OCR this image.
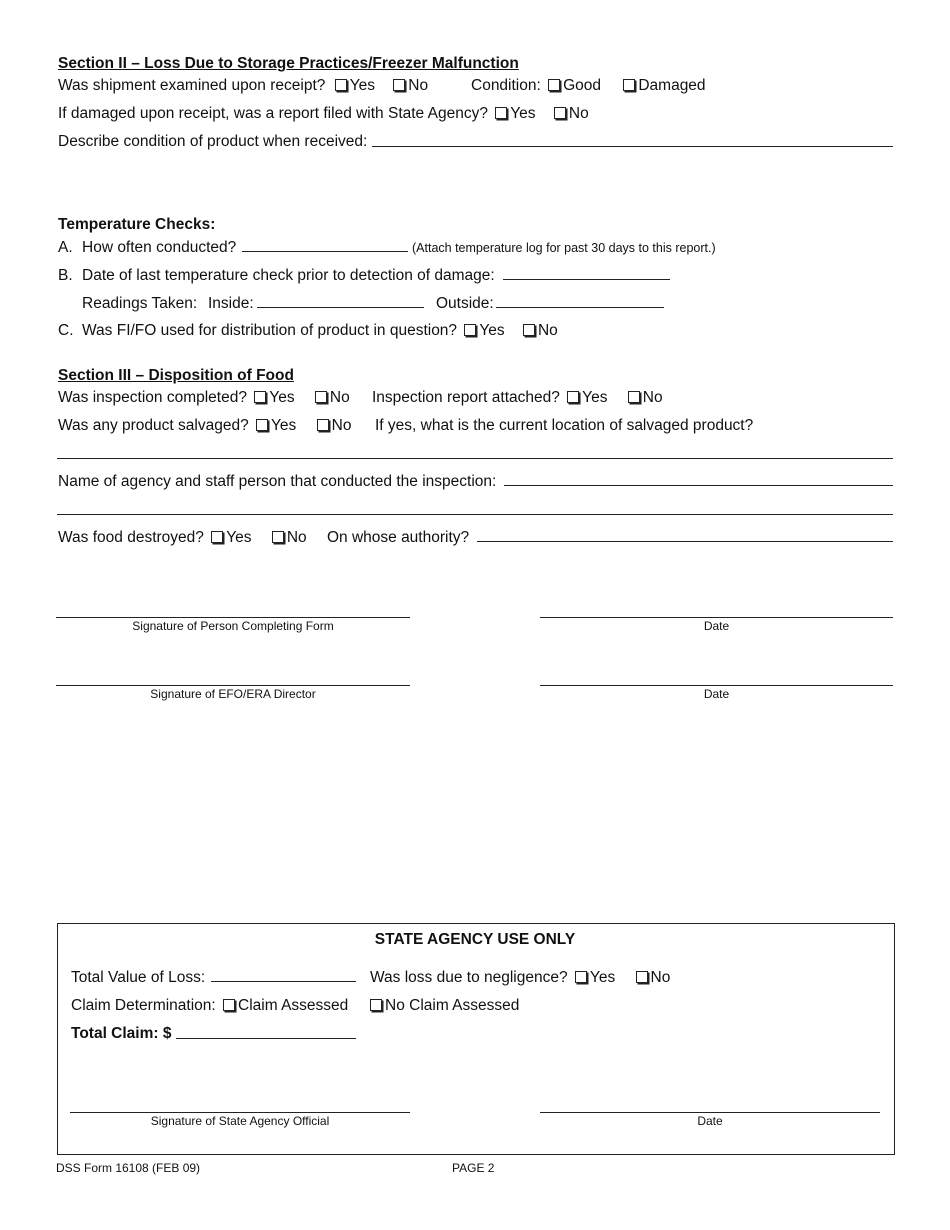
Section II – Loss Due to Storage Practices/Freezer Malfunction
Was shipment examined upon receipt? Yes No	Condition: Good Damaged
If damaged upon receipt, was a report filed with State Agency? Yes No
Describe condition of product when received:
Temperature Checks:
A. How often conducted?	(Attach temperature log for past 30 days to this report.)
B. Date of last temperature check prior to detection of damage:
Readings Taken: Inside:	Outside:
C. Was FI/FO used for distribution of product in question? Yes No
Section III – Disposition of Food
Was inspection completed? Yes No Inspection report attached? Yes No
Was any product salvaged? Yes No If yes, what is the current location of salvaged product?
Name of agency and staff person that conducted the inspection:
Was food destroyed? Yes No On whose authority?
Signature of Person Completing Form	Date
Signature of EFO/ERA Director	Date
STATE AGENCY USE ONLY
Total Value of Loss:	Was loss due to negligence? Yes No
Claim Determination: Claim Assessed	No Claim Assessed
Total Claim: $
Signature of State Agency Official	Date
DSS Form 16108 (FEB 09)	PAGE 2
